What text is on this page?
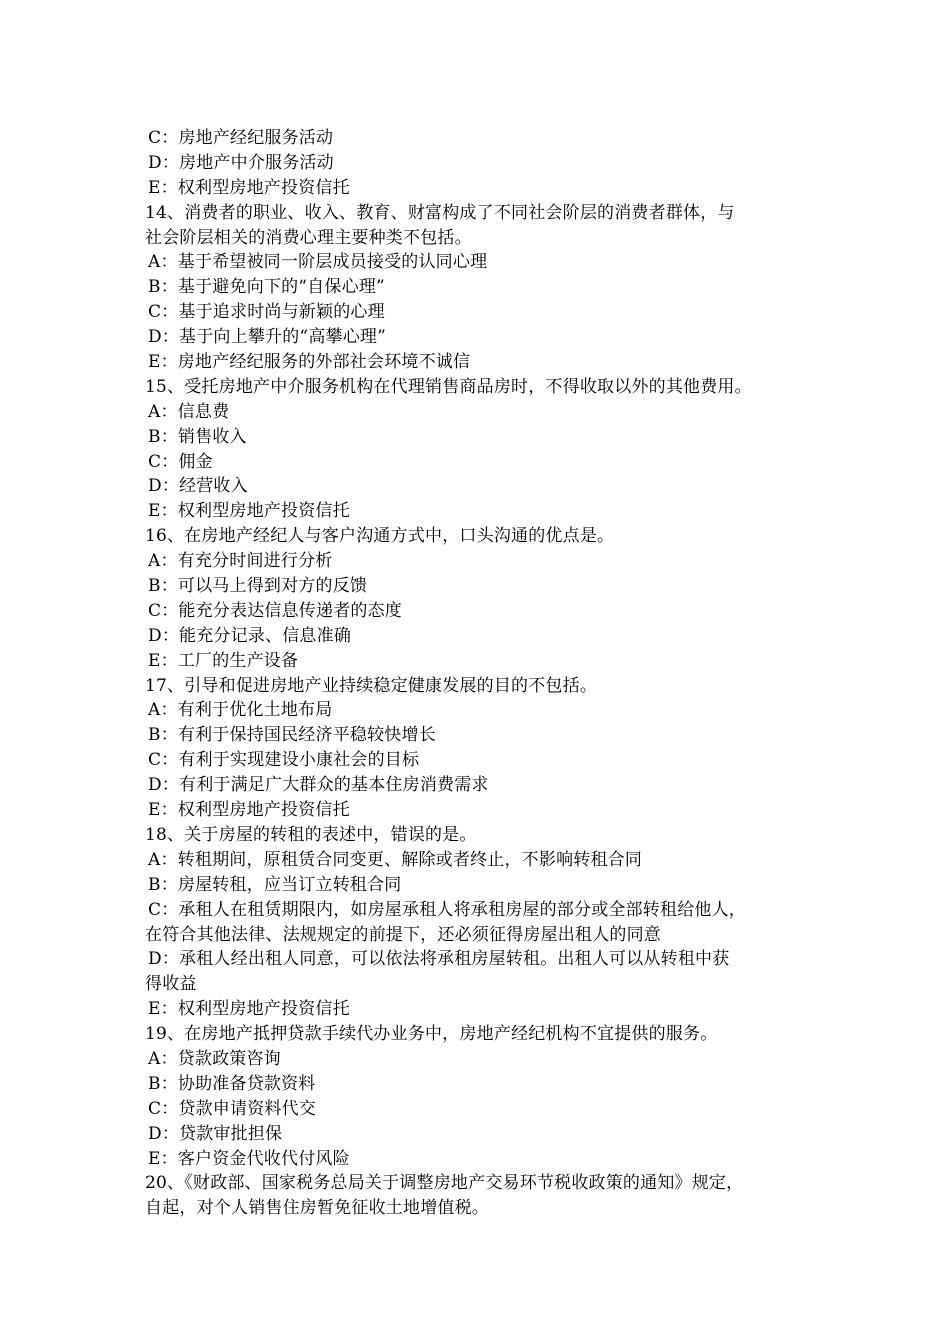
C：房地产经纪服务活动
D：房地产中介服务活动
E：权利型房地产投资信托
14、消费者的职业、收入、教育、财富构成了不同社会阶层的消费者群体，与
社会阶层相关的消费心理主要种类不包括。
A：基于希望被同一阶层成员接受的认同心理
B：基于避免向下的“自保心理”
C：基于追求时尚与新颖的心理
D：基于向上攀升的“高攀心理”
E：房地产经纪服务的外部社会环境不诚信
15、受托房地产中介服务机构在代理销售商品房时，不得收取以外的其他费用。
A：信息费
B：销售收入
C：佣金
D：经营收入
E：权利型房地产投资信托
16、在房地产经纪人与客户沟通方式中，口头沟通的优点是。
A：有充分时间进行分析
B：可以马上得到对方的反馈
C：能充分表达信息传递者的态度
D：能充分记录、信息准确
E：工厂的生产设备
17、引导和促进房地产业持续稳定健康发展的目的不包括。
A：有利于优化土地布局
B：有利于保持国民经济平稳较快增长
C：有利于实现建设小康社会的目标
D：有利于满足广大群众的基本住房消费需求
E：权利型房地产投资信托
18、关于房屋的转租的表述中，错误的是。
A：转租期间，原租赁合同变更、解除或者终止，不影响转租合同
B：房屋转租，应当订立转租合同
C：承租人在租赁期限内，如房屋承租人将承租房屋的部分或全部转租给他人，
在符合其他法律、法规规定的前提下，还必须征得房屋出租人的同意
D：承租人经出租人同意，可以依法将承租房屋转租。出租人可以从转租中获
得收益
E：权利型房地产投资信托
19、在房地产抵押贷款手续代办业务中，房地产经纪机构不宜提供的服务。
A：贷款政策咨询
B：协助准备贷款资料
C：贷款申请资料代交
D：贷款审批担保
E：客户资金代收代付风险
20、《财政部、国家税务总局关于调整房地产交易环节税收政策的通知》规定，
自起，对个人销售住房暂免征收土地增值税。
